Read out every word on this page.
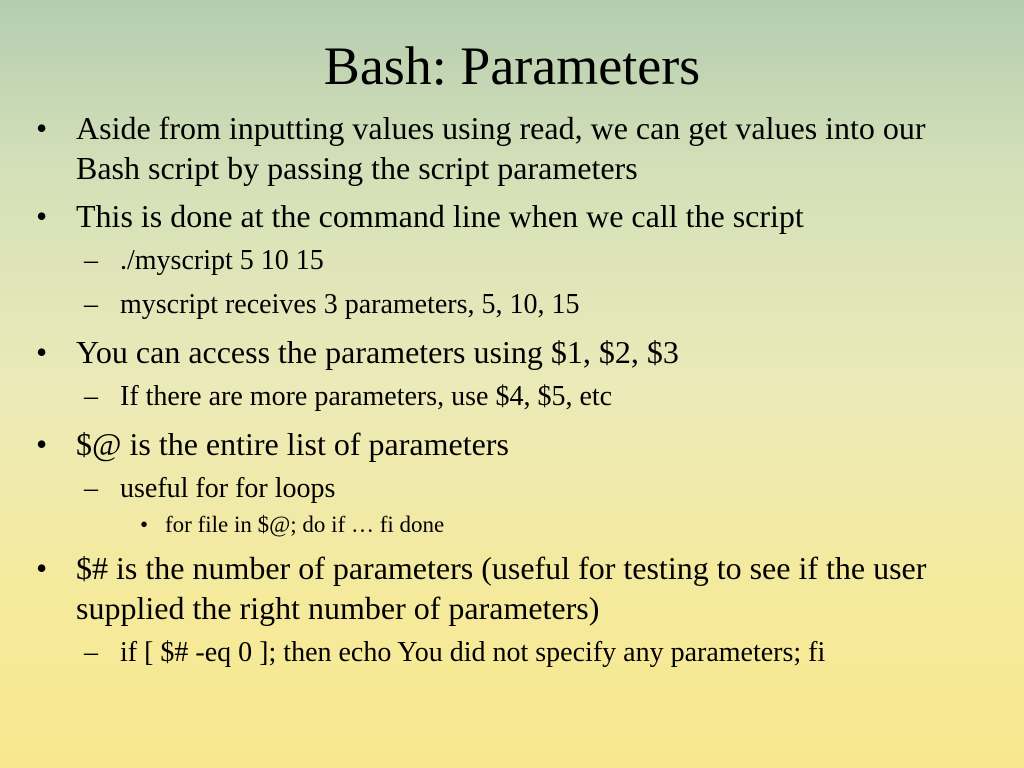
Bash: Parameters
• Aside from inputting values using read, we can get values into our Bash script by passing the script parameters
• This is done at the command line when we call the script
– ./myscript 5 10 15
– myscript receives 3 parameters, 5, 10, 15
• You can access the parameters using $1, $2, $3
– If there are more parameters, use $4, $5, etc
• $@ is the entire list of parameters
– useful for for loops
• for file in $@; do if … fi done
• $# is the number of parameters (useful for testing to see if the user supplied the right number of parameters)
– if [ $# -eq 0 ]; then echo You did not specify any parameters; fi
